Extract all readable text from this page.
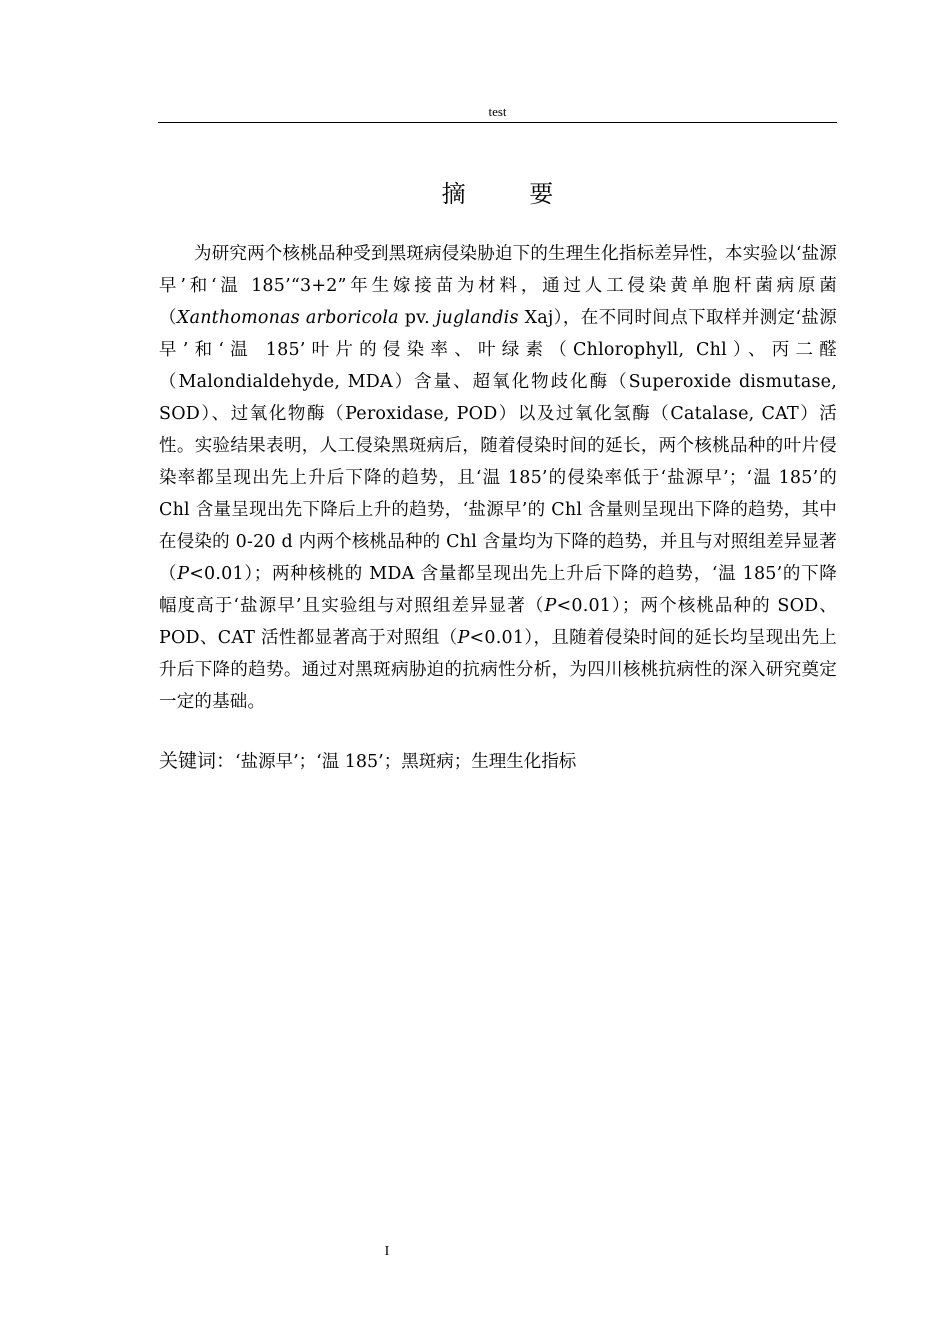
test
摘 要
为研究两个核桃品种受到黑斑病侵染胁迫下的生理生化指标差异性，本实验以‘盐源早’和‘温 185’“3+2”年生嫁接苗为材料，通过人工侵染黄单胞杆菌病原菌（Xanthomonas arboricola pv. juglandis Xaj），在不同时间点下取样并测定‘盐源早’和‘温 185’叶片的侵染率、叶绿素（Chlorophyll, Chl）、丙二醛（Malondialdehyde, MDA）含量、超氧化物歧化酶（Superoxide dismutase, SOD）、过氧化物酶（Peroxidase, POD）以及过氧化氢酶（Catalase, CAT）活性。实验结果表明，人工侵染黑斑病后，随着侵染时间的延长，两个核桃品种的叶片侵染率都呈现出先上升后下降的趋势，且‘温 185’的侵染率低于‘盐源早’；‘温 185’的 Chl 含量呈现出先下降后上升的趋势，‘盐源早’的 Chl 含量则呈现出下降的趋势，其中在侵染的 0-20 d 内两个核桃品种的 Chl 含量均为下降的趋势，并且与对照组差异显著（P<0.01）；两种核桃的 MDA 含量都呈现出先上升后下降的趋势，‘温 185’的下降幅度高于‘盐源早’且实验组与对照组差异显著（P<0.01）；两个核桃品种的 SOD、POD、CAT 活性都显著高于对照组（P<0.01），且随着侵染时间的延长均呈现出先上升后下降的趋势。通过对黑斑病胁迫的抗病性分析，为四川核桃抗病性的深入研究奠定一定的基础。
关键词：‘盐源早’；‘温 185’；黑斑病；生理生化指标
I
